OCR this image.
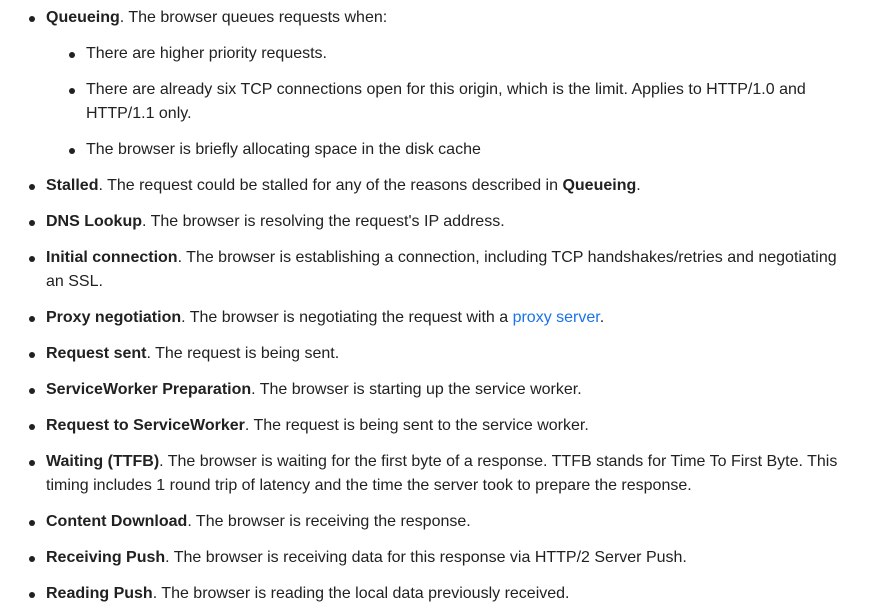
Queueing. The browser queues requests when:
There are higher priority requests.
There are already six TCP connections open for this origin, which is the limit. Applies to HTTP/1.0 and HTTP/1.1 only.
The browser is briefly allocating space in the disk cache
Stalled. The request could be stalled for any of the reasons described in Queueing.
DNS Lookup. The browser is resolving the request's IP address.
Initial connection. The browser is establishing a connection, including TCP handshakes/retries and negotiating an SSL.
Proxy negotiation. The browser is negotiating the request with a proxy server.
Request sent. The request is being sent.
ServiceWorker Preparation. The browser is starting up the service worker.
Request to ServiceWorker. The request is being sent to the service worker.
Waiting (TTFB). The browser is waiting for the first byte of a response. TTFB stands for Time To First Byte. This timing includes 1 round trip of latency and the time the server took to prepare the response.
Content Download. The browser is receiving the response.
Receiving Push. The browser is receiving data for this response via HTTP/2 Server Push.
Reading Push. The browser is reading the local data previously received.
